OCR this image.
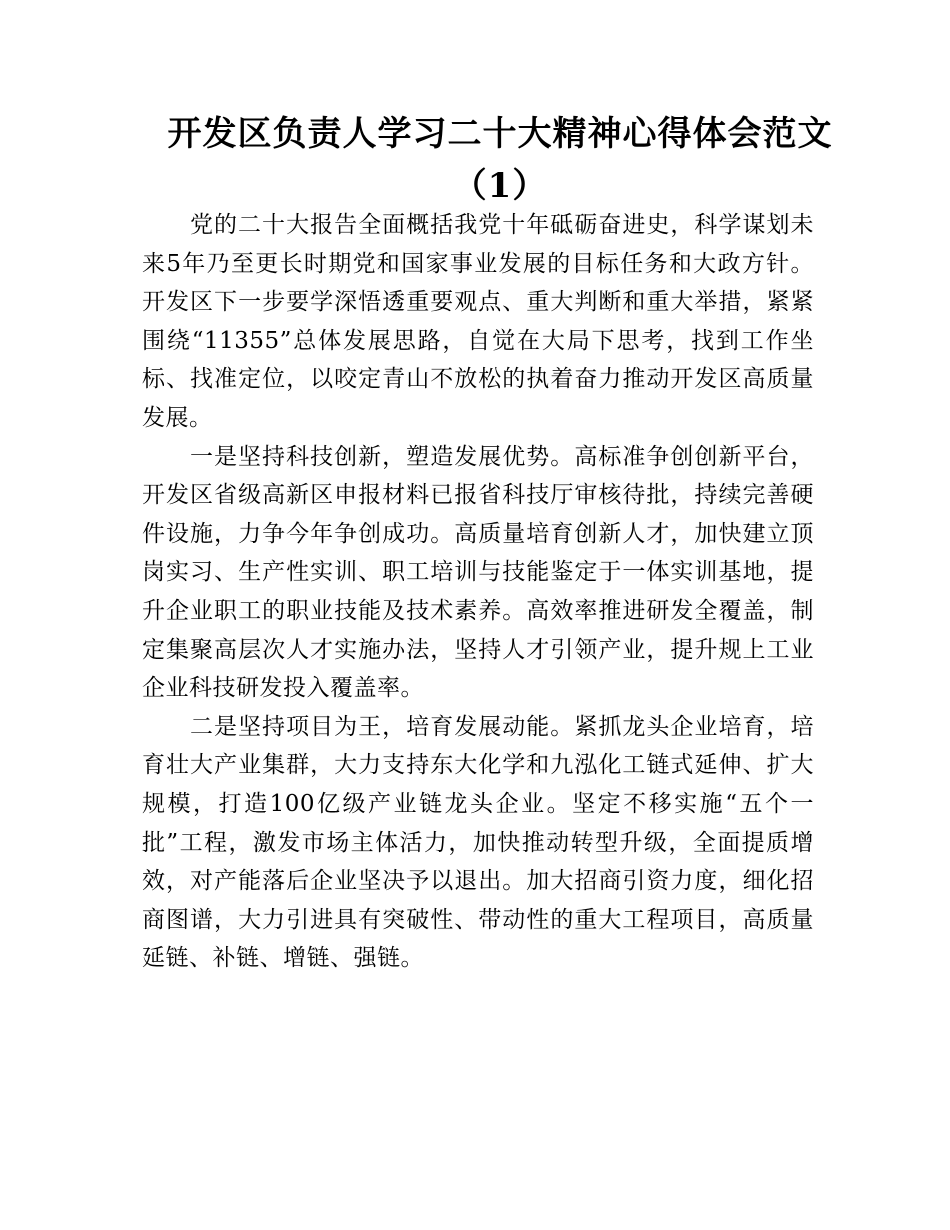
开发区负责人学习二十大精神心得体会范文（1）

党的二十大报告全面概括我党十年砥砺奋进史，科学谋划未来5年乃至更长时期党和国家事业发展的目标任务和大政方针。开发区下一步要学深悟透重要观点、重大判断和重大举措，紧紧围绕“11355”总体发展思路，自觉在大局下思考，找到工作坐标、找准定位，以咬定青山不放松的执着奋力推动开发区高质量发展。

一是坚持科技创新，塑造发展优势。高标准争创创新平台，开发区省级高新区申报材料已报省科技厅审核待批，持续完善硬件设施，力争今年争创成功。高质量培育创新人才，加快建立顶岗实习、生产性实训、职工培训与技能鉴定于一体实训基地，提升企业职工的职业技能及技术素养。高效率推进研发全覆盖，制定集聚高层次人才实施办法，坚持人才引领产业，提升规上工业企业科技研发投入覆盖率。

二是坚持项目为王，培育发展动能。紧抓龙头企业培育，培育壮大产业集群，大力支持东大化学和九泓化工链式延伸、扩大规模，打造100亿级产业链龙头企业。坚定不移实施“五个一批”工程，激发市场主体活力，加快推动转型升级，全面提质增效，对产能落后企业坚决予以退出。加大招商引资力度，细化招商图谱，大力引进具有突破性、带动性的重大工程项目，高质量延链、补链、增链、强链。
